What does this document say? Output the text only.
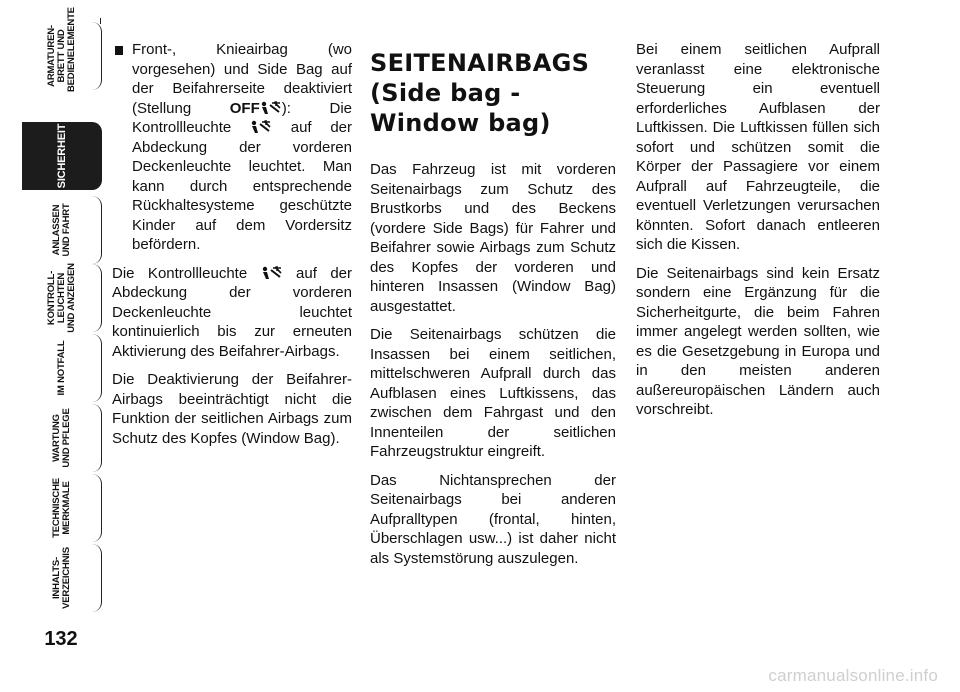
ARMATUREN-
BRETT UND
BEDIENELEMENTE
SICHERHEIT
ANLASSEN
UND FAHRT
KONTROLL-
LEUCHTEN
UND ANZEIGEN
IM NOTFALL
WARTUNG
UND PFLEGE
TECHNISCHE
MERKMALE
INHALTS-
VERZEICHNIS
132
Front-, Knieairbag (wo vorgesehen) und Side Bag auf der Beifahrerseite deaktiviert (Stellung OFF ): Die Kontrollleuchte  auf der Abdeckung der vorderen Deckenleuchte leuchtet. Man kann durch entsprechende Rückhaltesysteme geschützte Kinder auf dem Vordersitz befördern.

Die Kontrollleuchte  auf der Abdeckung der vorderen Deckenleuchte leuchtet kontinuierlich bis zur erneuten Aktivierung des Beifahrer-Airbags.

Die Deaktivierung der Beifahrer-Airbags beeinträchtigt nicht die Funktion der seitlichen Airbags zum Schutz des Kopfes (Window Bag).

SEITENAIRBAGS
(Side bag -
Window bag)

Das Fahrzeug ist mit vorderen Seitenairbags zum Schutz des Brustkorbs und des Beckens (vordere Side Bags) für Fahrer und Beifahrer sowie Airbags zum Schutz des Kopfes der vorderen und hinteren Insassen (Window Bag) ausgestattet.

Die Seitenairbags schützen die Insassen bei einem seitlichen, mittelschweren Aufprall durch das Aufblasen eines Luftkissens, das zwischen dem Fahrgast und den Innenteilen der seitlichen Fahrzeugstruktur eingreift.

Das Nichtansprechen der Seitenairbags bei anderen Aufpralltypen (frontal, hinten, Überschlagen usw...) ist daher nicht als Systemstörung auszulegen.

Bei einem seitlichen Aufprall veranlasst eine elektronische Steuerung ein eventuell erforderliches Aufblasen der Luftkissen. Die Luftkissen füllen sich sofort und schützen somit die Körper der Passagiere vor einem Aufprall auf Fahrzeugteile, die eventuell Verletzungen verursachen könnten. Sofort danach entleeren sich die Kissen.

Die Seitenairbags sind kein Ersatz sondern eine Ergänzung für die Sicherheitgurte, die beim Fahren immer angelegt werden sollten, wie es die Gesetzgebung in Europa und in den meisten anderen außereuropäischen Ländern auch vorschreibt.

carmanualsonline.info
